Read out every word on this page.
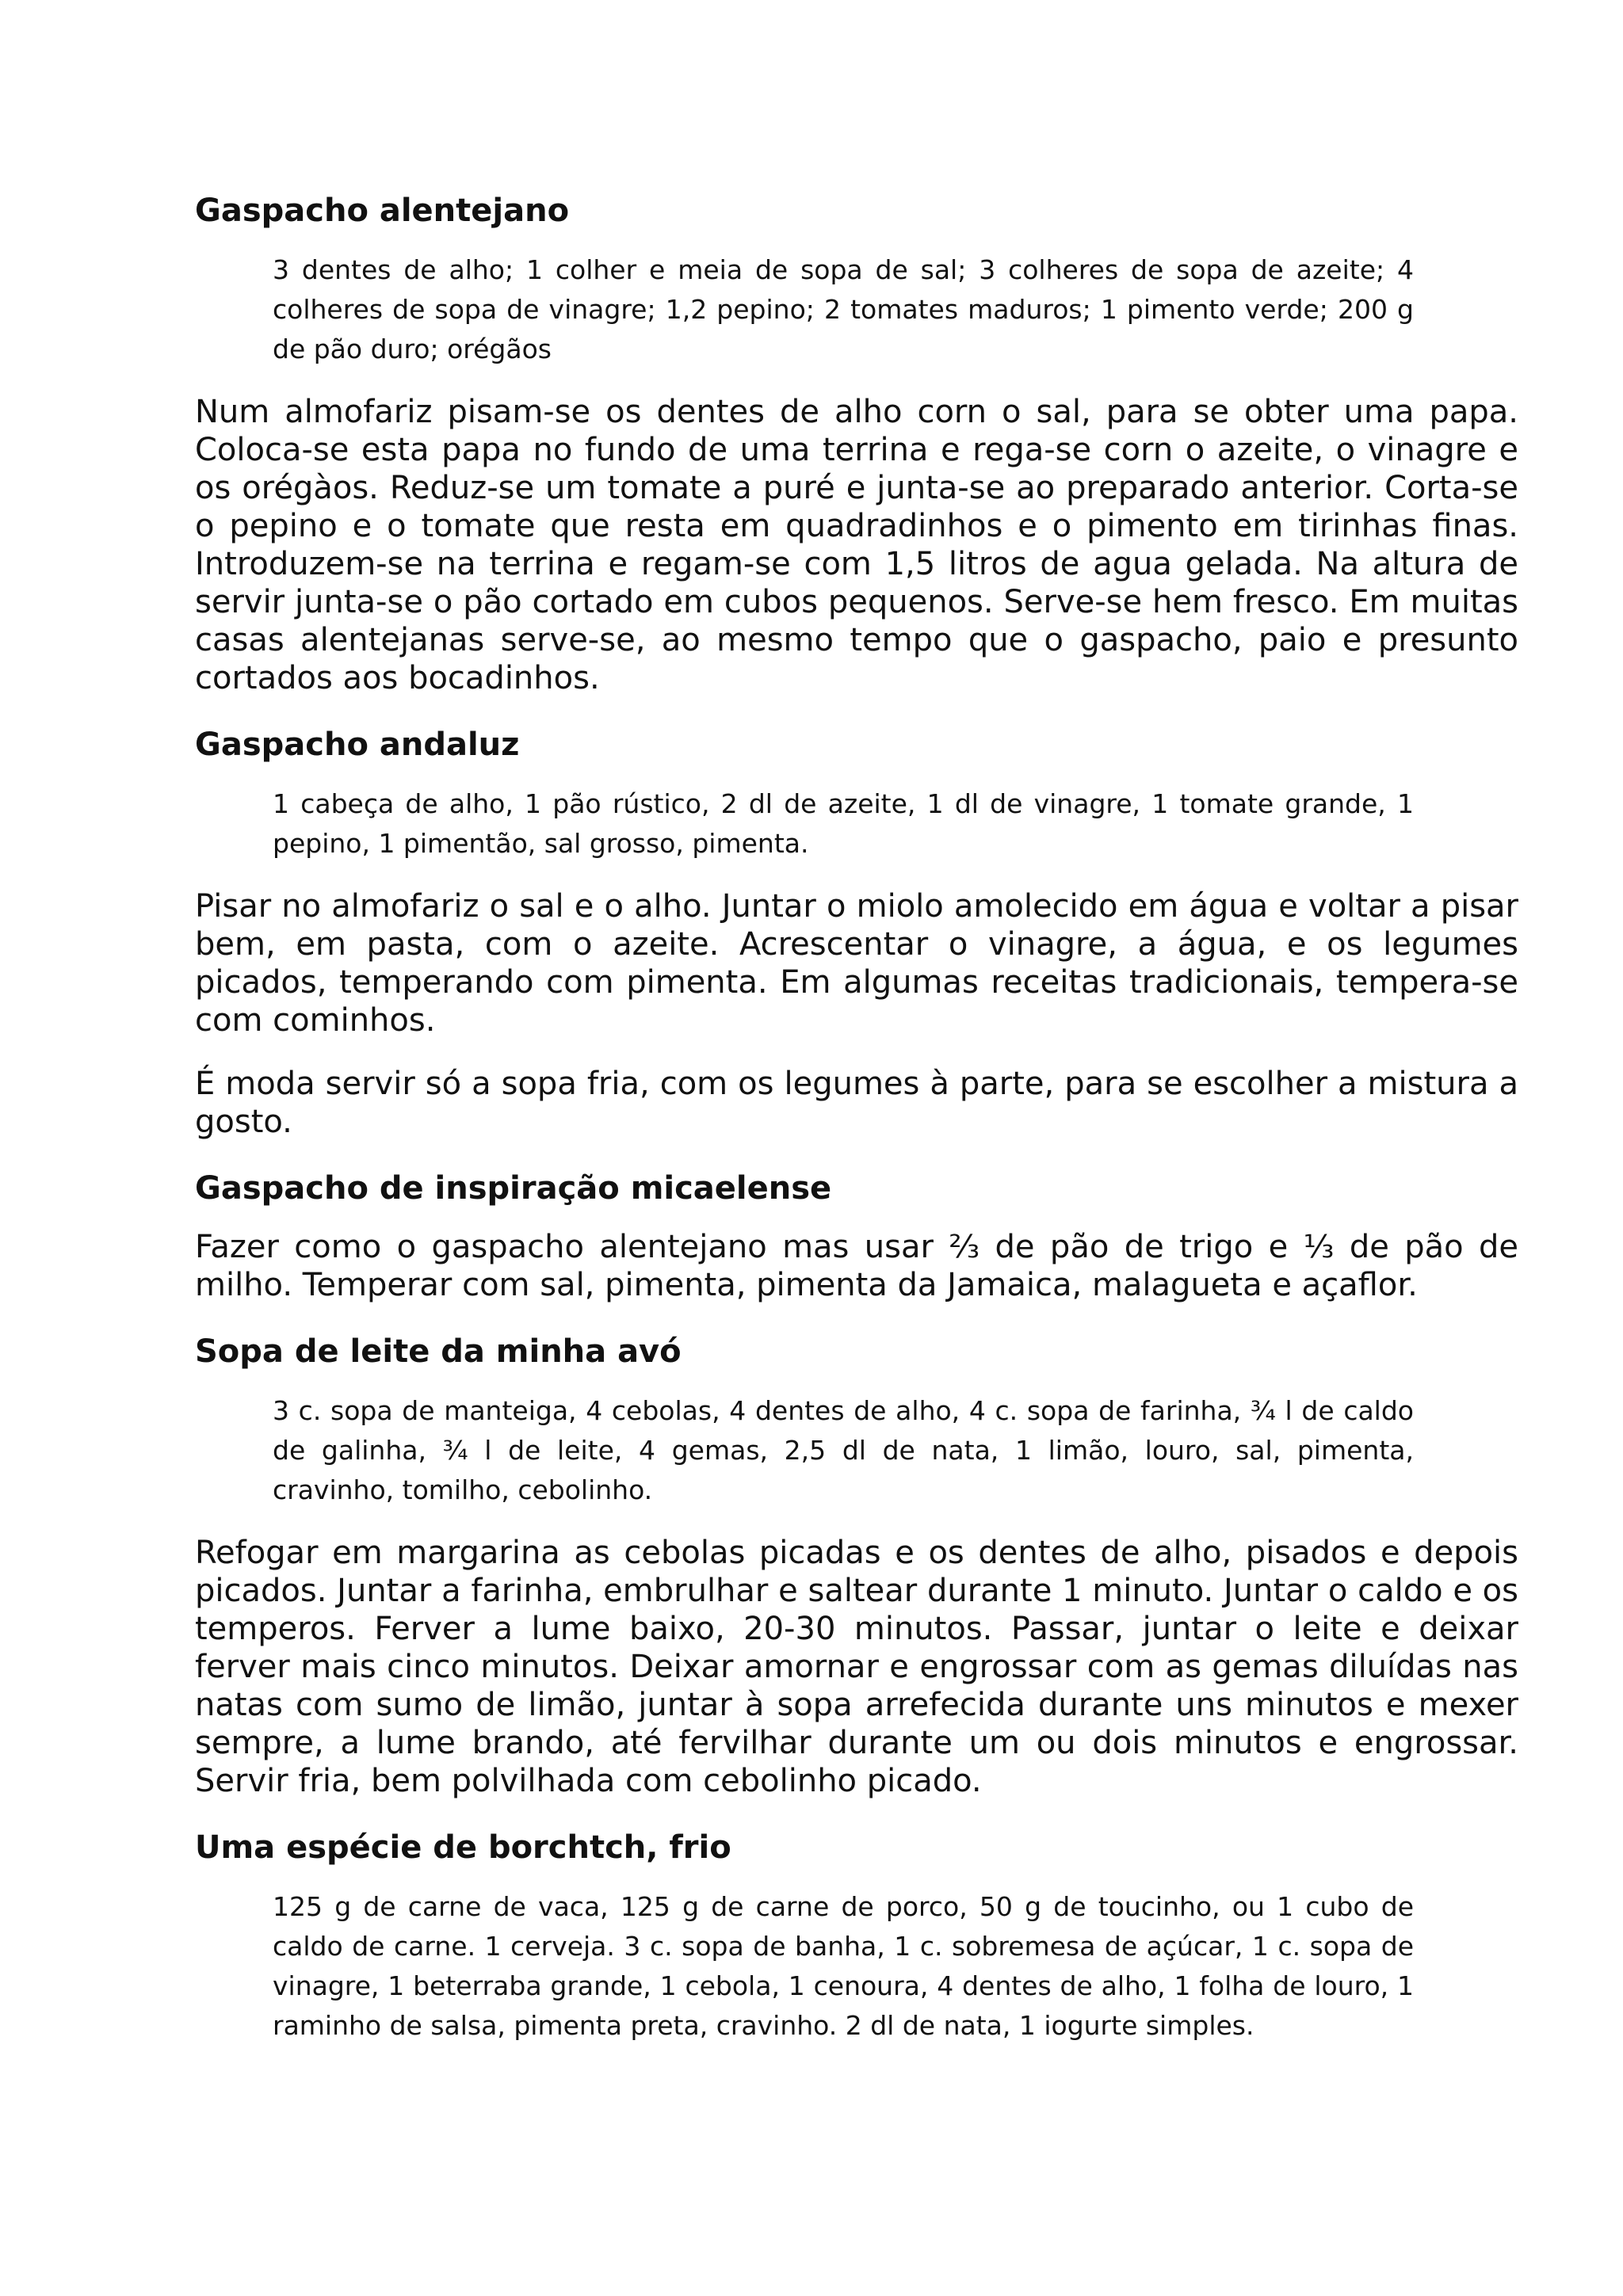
Gaspacho alentejano

3 dentes de alho; 1 colher e meia de sopa de sal; 3 colheres de sopa de azeite; 4 colheres de sopa de vinagre; 1,2 pepino; 2 tomates maduros; 1 pimento verde; 200 g de pão duro; orégãos

Num almofariz pisam-se os dentes de alho corn o sal, para se obter uma papa. Coloca-se esta papa no fundo de uma terrina e rega-se corn o azeite, o vinagre e os orégàos. Reduz-se um tomate a puré e junta-se ao preparado anterior. Corta-se o pepino e o tomate que resta em quadradinhos e o pimento em tirinhas finas. Introduzem-se na terrina e regam-se com 1,5 litros de agua gelada. Na altura de servir junta-se o pão cortado em cubos pequenos. Serve-se hem fresco. Em muitas casas alentejanas serve-se, ao mesmo tempo que o gaspacho, paio e presunto cortados aos bocadinhos.

Gaspacho andaluz

1 cabeça de alho, 1 pão rústico, 2 dl de azeite, 1 dl de vinagre, 1 tomate grande, 1 pepino, 1 pimentão, sal grosso, pimenta.

Pisar no almofariz o sal e o alho. Juntar o miolo amolecido em água e voltar a pisar bem, em pasta, com o azeite. Acrescentar o vinagre, a água, e os legumes picados, temperando com pimenta. Em algumas receitas tradicionais, tempera-se com cominhos.

É moda servir só a sopa fria, com os legumes à parte, para se escolher a mistura a gosto.

Gaspacho de inspiração micaelense

Fazer como o gaspacho alentejano mas usar ⅔ de pão de trigo e ⅓ de pão de milho. Temperar com sal, pimenta, pimenta da Jamaica, malagueta e açaflor.

Sopa de leite da minha avó

3 c. sopa de manteiga, 4 cebolas, 4 dentes de alho, 4 c. sopa de farinha, ¾ l de caldo de galinha, ¾ l de leite, 4 gemas, 2,5 dl de nata, 1 limão, louro, sal, pimenta, cravinho, tomilho, cebolinho.

Refogar em margarina as cebolas picadas e os dentes de alho, pisados e depois picados. Juntar a farinha, embrulhar e saltear durante 1 minuto. Juntar o caldo e os temperos. Ferver a lume baixo, 20-30 minutos. Passar, juntar o leite e deixar ferver mais cinco minutos. Deixar amornar e engrossar com as gemas diluídas nas natas com sumo de limão, juntar à sopa arrefecida durante uns minutos e mexer sempre, a lume brando, até fervilhar durante um ou dois minutos e engrossar. Servir fria, bem polvilhada com cebolinho picado.

Uma espécie de borchtch, frio

125 g de carne de vaca, 125 g de carne de porco, 50 g de toucinho, ou 1 cubo de caldo de carne. 1 cerveja. 3 c. sopa de banha, 1 c. sobremesa de açúcar, 1 c. sopa de vinagre, 1 beterraba grande, 1 cebola, 1 cenoura, 4 dentes de alho, 1 folha de louro, 1 raminho de salsa, pimenta preta, cravinho. 2 dl de nata, 1 iogurte simples.
